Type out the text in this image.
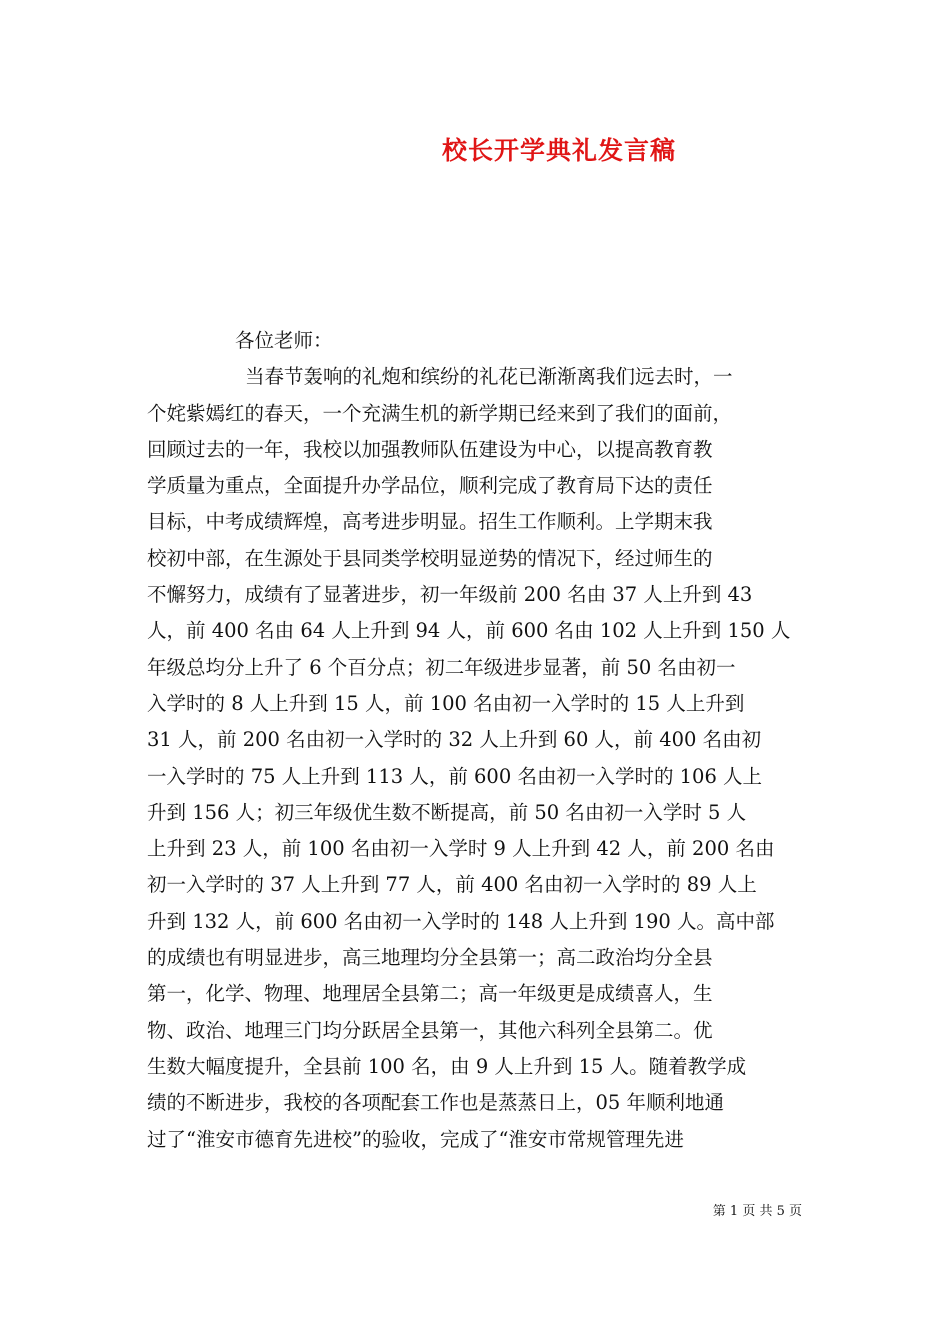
校长开学典礼发言稿
各位老师：
当春节轰响的礼炮和缤纷的礼花已渐渐离我们远去时，一
个姹紫嫣红的春天，一个充满生机的新学期已经来到了我们的面前，
回顾过去的一年，我校以加强教师队伍建设为中心，以提高教育教
学质量为重点，全面提升办学品位，顺利完成了教育局下达的责任
目标，中考成绩辉煌，高考进步明显。招生工作顺利。上学期末我
校初中部，在生源处于县同类学校明显逆势的情况下，经过师生的
不懈努力，成绩有了显著进步，初一年级前 200 名由 37 人上升到 43
人，前 400 名由 64 人上升到 94 人，前 600 名由 102 人上升到 150 人
年级总均分上升了 6 个百分点；初二年级进步显著，前 50 名由初一
入学时的 8 人上升到 15 人，前 100 名由初一入学时的 15 人上升到
31 人，前 200 名由初一入学时的 32 人上升到 60 人，前 400 名由初
一入学时的 75 人上升到 113 人，前 600 名由初一入学时的 106 人上
升到 156 人；初三年级优生数不断提高，前 50 名由初一入学时 5 人
上升到 23 人，前 100 名由初一入学时 9 人上升到 42 人，前 200 名由
初一入学时的 37 人上升到 77 人，前 400 名由初一入学时的 89 人上
升到 132 人，前 600 名由初一入学时的 148 人上升到 190 人。高中部
的成绩也有明显进步，高三地理均分全县第一；高二政治均分全县
第一，化学、物理、地理居全县第二；高一年级更是成绩喜人，生
物、政治、地理三门均分跃居全县第一，其他六科列全县第二。优
生数大幅度提升，全县前 100 名，由 9 人上升到 15 人。随着教学成
绩的不断进步，我校的各项配套工作也是蒸蒸日上，05 年顺利地通
过了“淮安市德育先进校”的验收，完成了“淮安市常规管理先进
第 1 页 共 5 页
